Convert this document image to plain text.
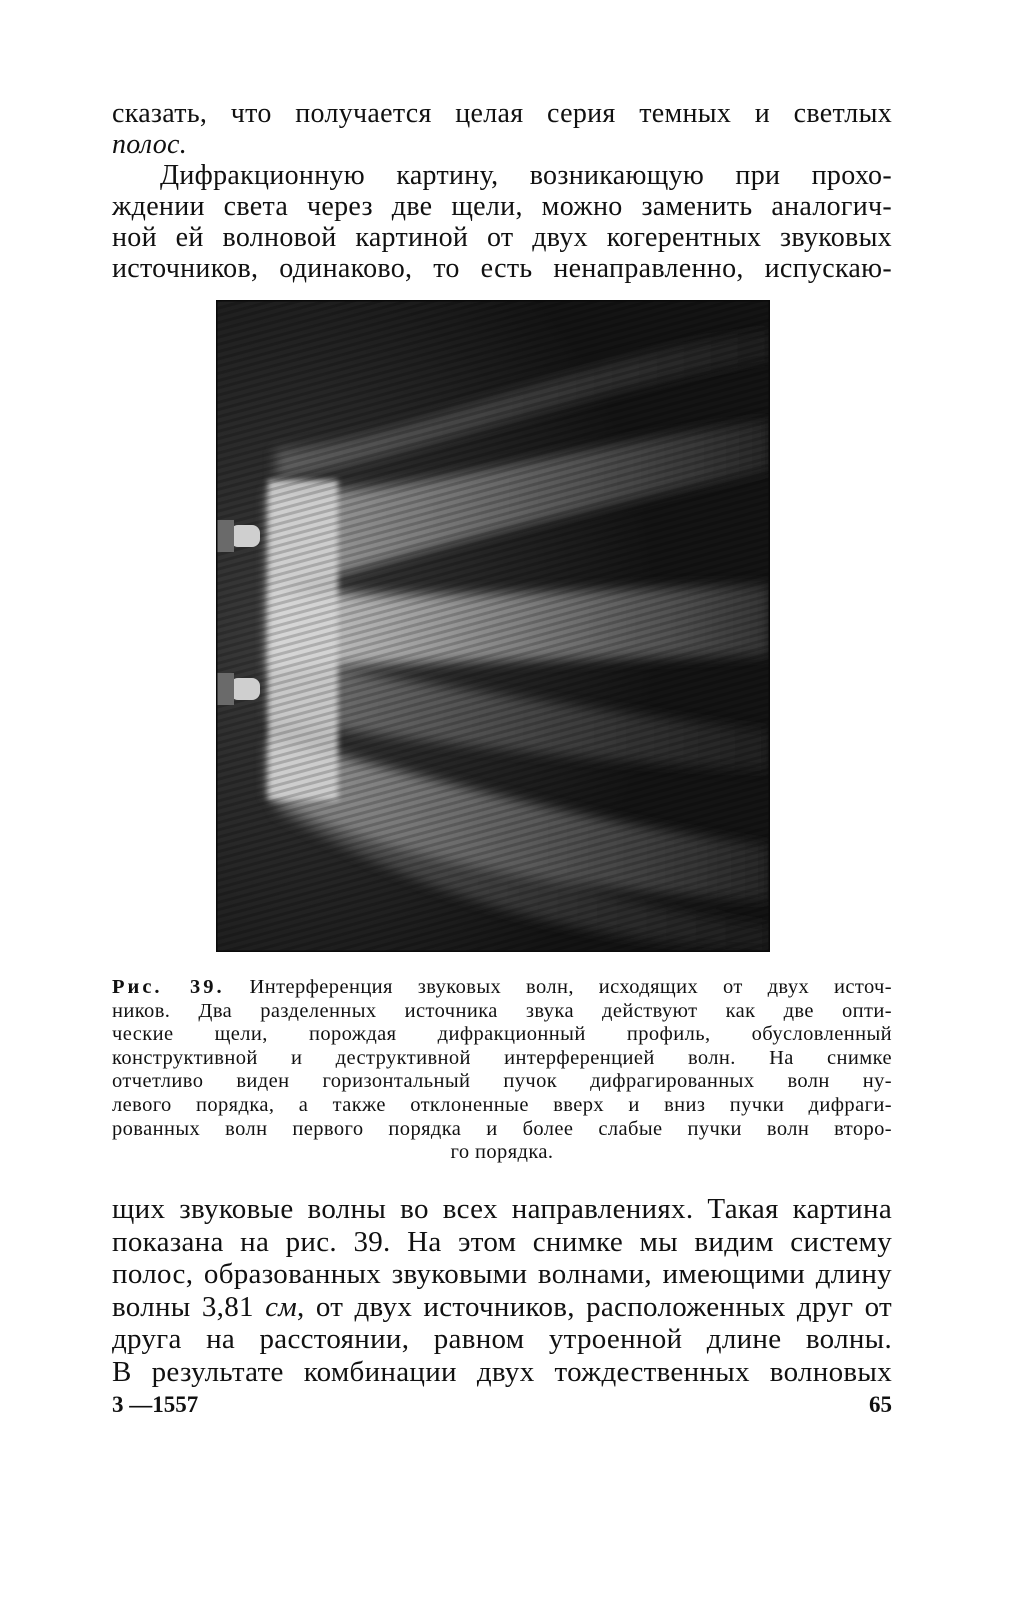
сказать, что получается целая серия темных и светлых
полос.
Дифракционную картину, возникающую при прохо-
ждении света через две щели, можно заменить аналогич-
ной ей волновой картиной от двух когерентных звуковых
источников, одинаково, то есть ненаправленно, испускаю-
Рис. 39. Интерференция звуковых волн, исходящих от двух источ-
ников. Два разделенных источника звука действуют как две опти-
ческие щели, порождая дифракционный профиль, обусловленный
конструктивной и деструктивной интерференцией волн. На снимке
отчетливо виден горизонтальный пучок дифрагированных волн ну-
левого порядка, а также отклоненные вверх и вниз пучки дифраги-
рованных волн первого порядка и более слабые пучки волн второ-
го порядка.
щих звуковые волны во всех направлениях. Такая картина
показана на рис. 39. На этом снимке мы видим систему
полос, образованных звуковыми волнами, имеющими длину
волны 3,81 см, от двух источников, расположенных друг от
друга на расстоянии, равном утроенной длине волны.
В результате комбинации двух тождественных волновых
3 —1557	65
